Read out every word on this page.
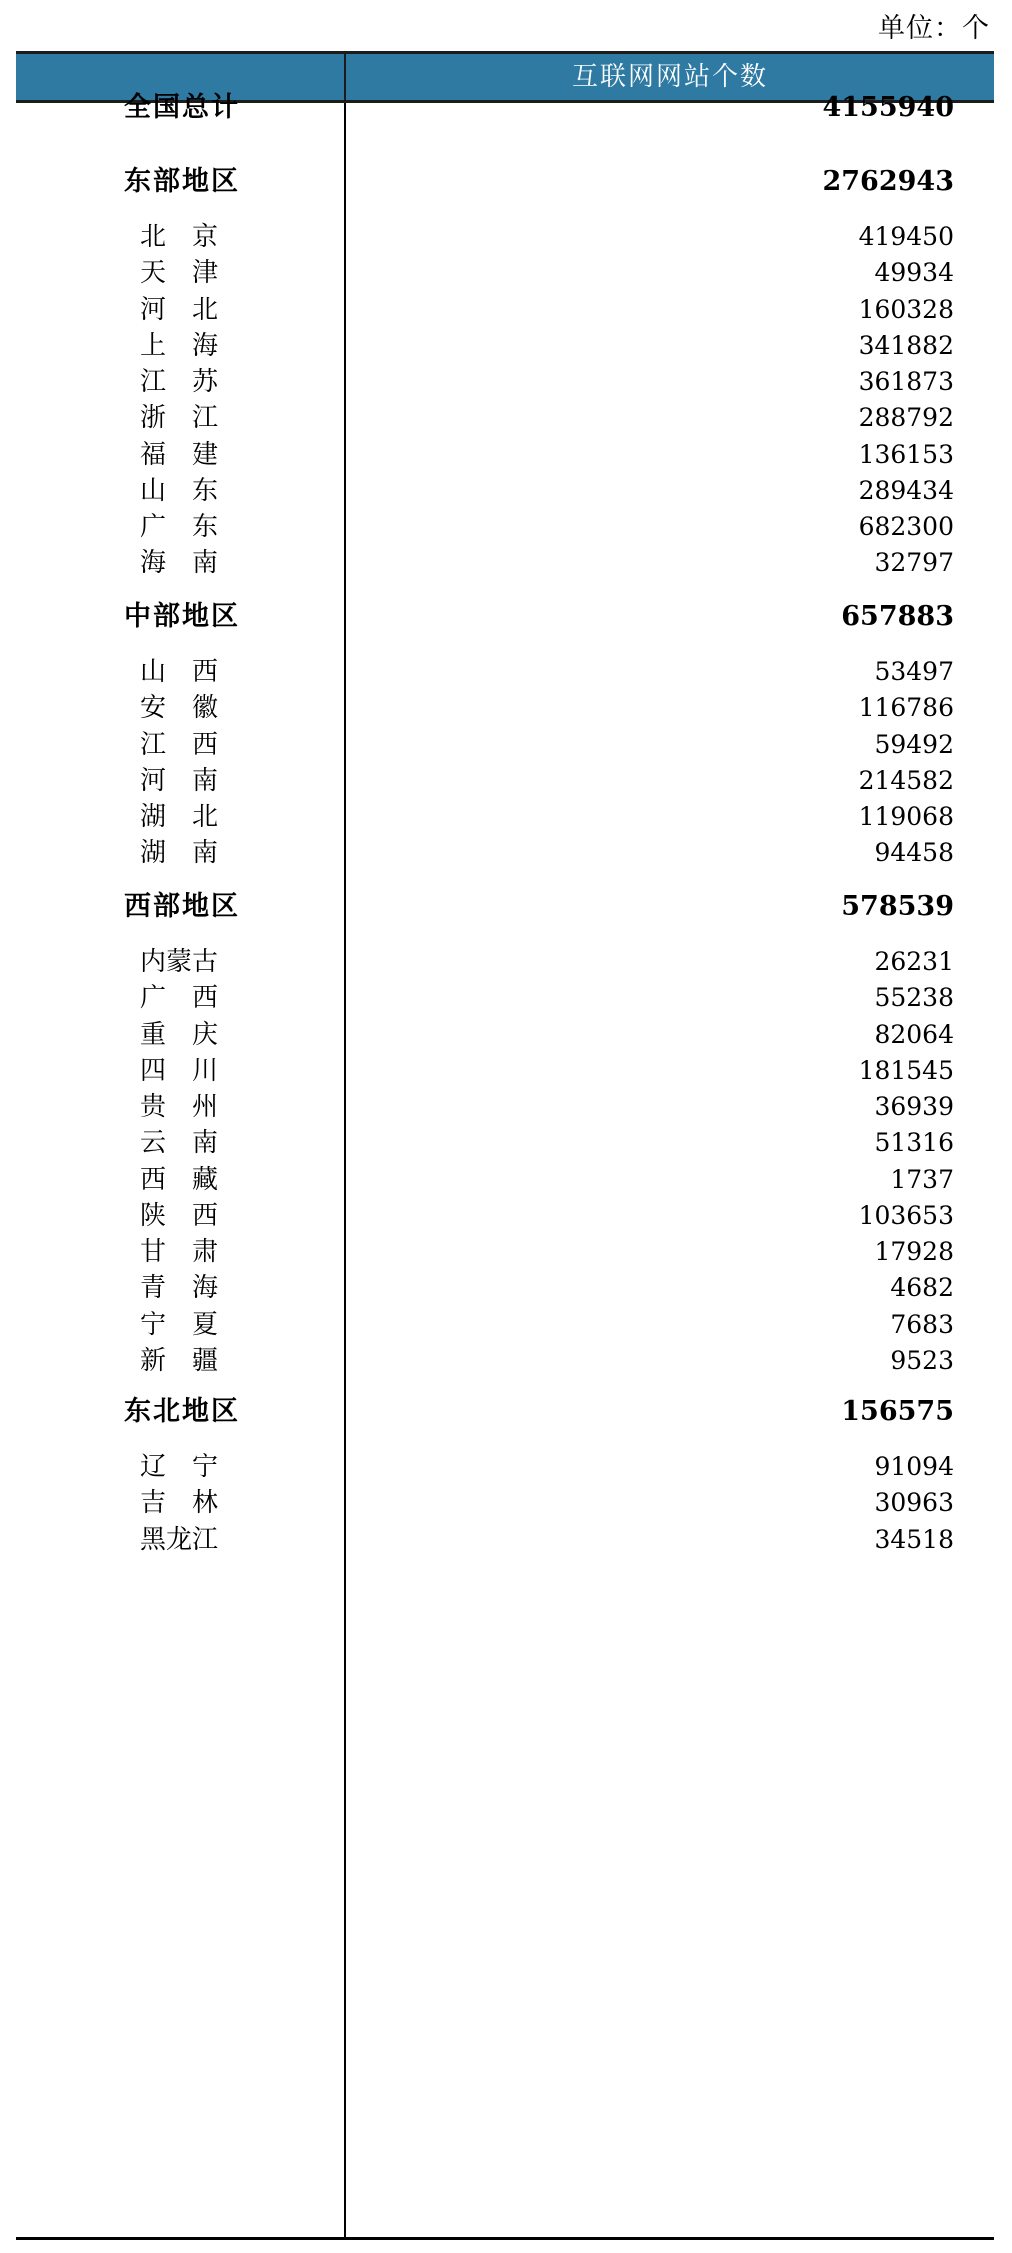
单位：个
互联网网站个数
全国总计	4155940
东部地区	2762943
北 京	419450
天 津	49934
河 北	160328
上 海	341882
江 苏	361873
浙 江	288792
福 建	136153
山 东	289434
广 东	682300
海 南	32797
中部地区	657883
山 西	53497
安 徽	116786
江 西	59492
河 南	214582
湖 北	119068
湖 南	94458
西部地区	578539
内蒙古	26231
广 西	55238
重 庆	82064
四 川	181545
贵 州	36939
云 南	51316
西 藏	1737
陕 西	103653
甘 肃	17928
青 海	4682
宁 夏	7683
新 疆	9523
东北地区	156575
辽 宁	91094
吉 林	30963
黑龙江	34518
